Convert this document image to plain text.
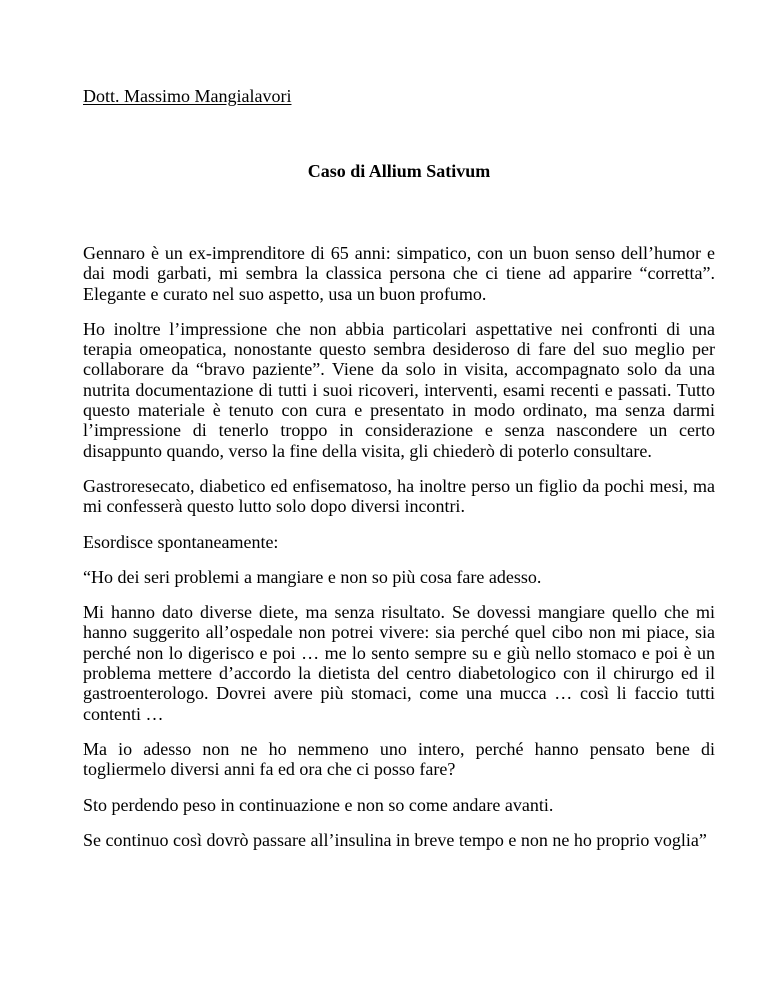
Dott. Massimo Mangialavori

Caso di Allium Sativum

Gennaro è un ex-imprenditore di 65 anni: simpatico, con un buon senso dell’humor e dai modi garbati, mi sembra la classica persona che ci tiene ad apparire “corretta”. Elegante e curato nel suo aspetto, usa un buon profumo.

Ho inoltre l’impressione che non abbia particolari aspettative nei confronti di una terapia omeopatica, nonostante questo sembra desideroso di fare del suo meglio per collaborare da “bravo paziente”. Viene da solo in visita, accompagnato solo da una nutrita documentazione di tutti i suoi ricoveri, interventi, esami recenti e passati. Tutto questo materiale è tenuto con cura e presentato in modo ordinato, ma senza darmi l’impressione di tenerlo troppo in considerazione e senza nascondere un certo disappunto quando, verso la fine della visita, gli chiederò di poterlo consultare.

Gastroresecato, diabetico ed enfisematoso, ha inoltre perso un figlio da pochi mesi, ma mi confesserà questo lutto solo dopo diversi incontri.

Esordisce spontaneamente:

“Ho dei seri problemi a mangiare e non so più cosa fare adesso.

Mi hanno dato diverse diete, ma senza risultato. Se dovessi mangiare quello che mi hanno suggerito all’ospedale non potrei vivere: sia perché quel cibo non mi piace, sia perché non lo digerisco e poi … me lo sento sempre su e giù nello stomaco e poi è un problema mettere d’accordo la dietista del centro diabetologico con il chirurgo ed il gastroenterologo. Dovrei avere più stomaci, come una mucca … così li faccio tutti contenti …

Ma io adesso non ne ho nemmeno uno intero, perché hanno pensato bene di togliermelo diversi anni fa ed ora che ci posso fare?

Sto perdendo peso in continuazione e non so come andare avanti.

Se continuo così dovrò passare all’insulina in breve tempo e non ne ho proprio voglia”
